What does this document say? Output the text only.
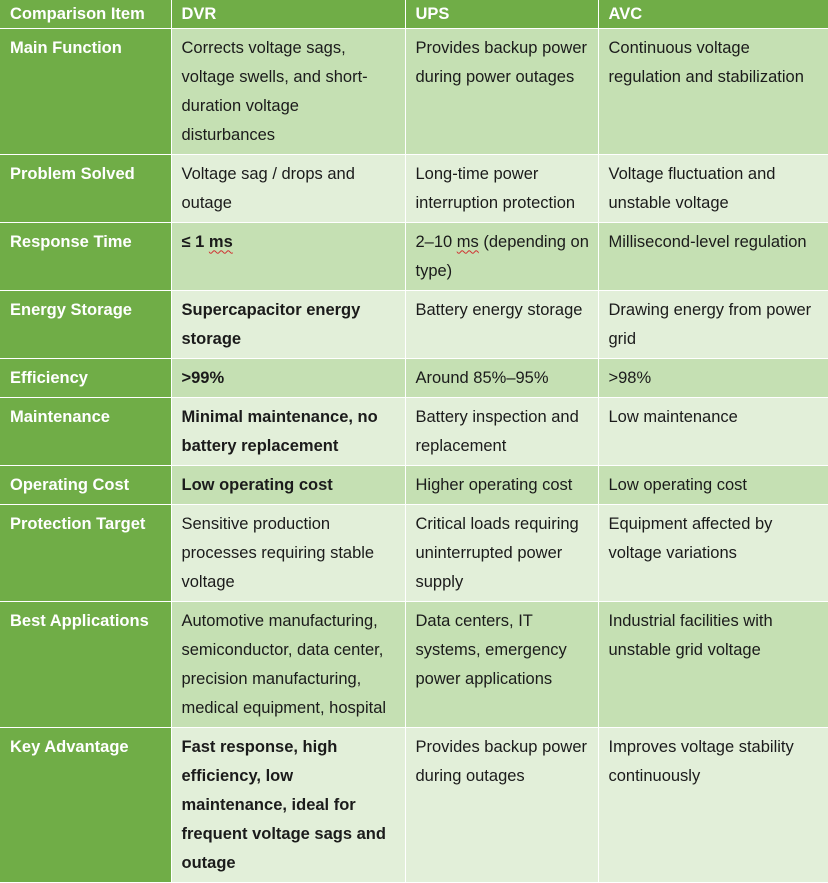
Comparison Item	DVR	UPS	AVC
Main Function	Corrects voltage sags, voltage swells, and short-duration voltage disturbances	Provides backup power during power outages	Continuous voltage regulation and stabilization
Problem Solved	Voltage sag / drops and outage	Long-time power interruption protection	Voltage fluctuation and unstable voltage
Response Time	≤ 1 ms	2–10 ms (depending on type)	Millisecond-level regulation
Energy Storage	Supercapacitor energy storage	Battery energy storage	Drawing energy from power grid
Efficiency	>99%	Around 85%–95%	>98%
Maintenance	Minimal maintenance, no battery replacement	Battery inspection and replacement	Low maintenance
Operating Cost	Low operating cost	Higher operating cost	Low operating cost
Protection Target	Sensitive production processes requiring stable voltage	Critical loads requiring uninterrupted power supply	Equipment affected by voltage variations
Best Applications	Automotive manufacturing, semiconductor, data center, precision manufacturing, medical equipment, hospital	Data centers, IT systems, emergency power applications	Industrial facilities with unstable grid voltage
Key Advantage	Fast response, high efficiency, low maintenance, ideal for frequent voltage sags and outage	Provides backup power during outages	Improves voltage stability continuously
